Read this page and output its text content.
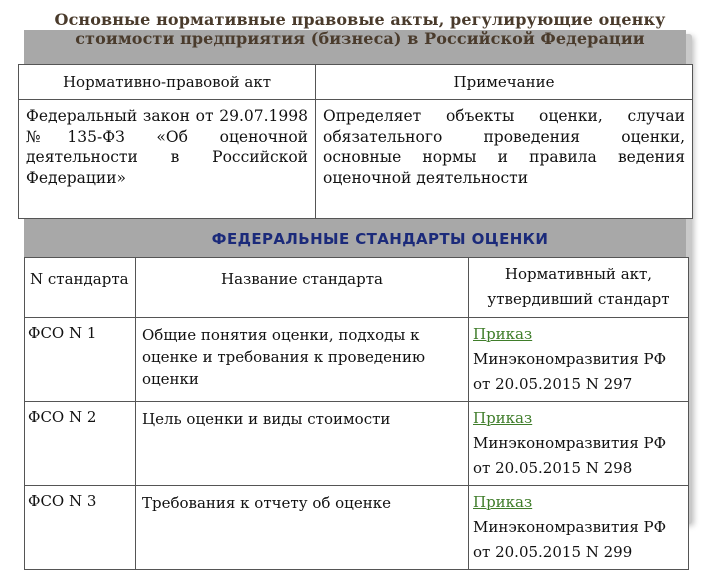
Основные нормативные правовые акты, регулирующие оценку
стоимости предприятия (бизнеса) в Российской Федерации
Нормативно-правовой акт	Примечание
Федеральный закон от 29.07.1998 №135-ФЗ «Об оценочной деятельности в Российской Федерации»	Определяет объекты оценки, случаи обязательного проведения оценки, основные нормы и правила ведения оценочной деятельности
ФЕДЕРАЛЬНЫЕ СТАНДАРТЫ ОЦЕНКИ
N стандарта	Название стандарта	Нормативный акт, утвердивший стандарт
ФСО N 1	Общие понятия оценки, подходы к оценке и требования к проведению оценки	Приказ Минэкономразвития РФ от 20.05.2015 N 297
ФСО N 2	Цель оценки и виды стоимости	Приказ Минэкономразвития РФ от 20.05.2015 N 298
ФСО N 3	Требования к отчету об оценке	Приказ Минэкономразвития РФ от 20.05.2015 N 299
